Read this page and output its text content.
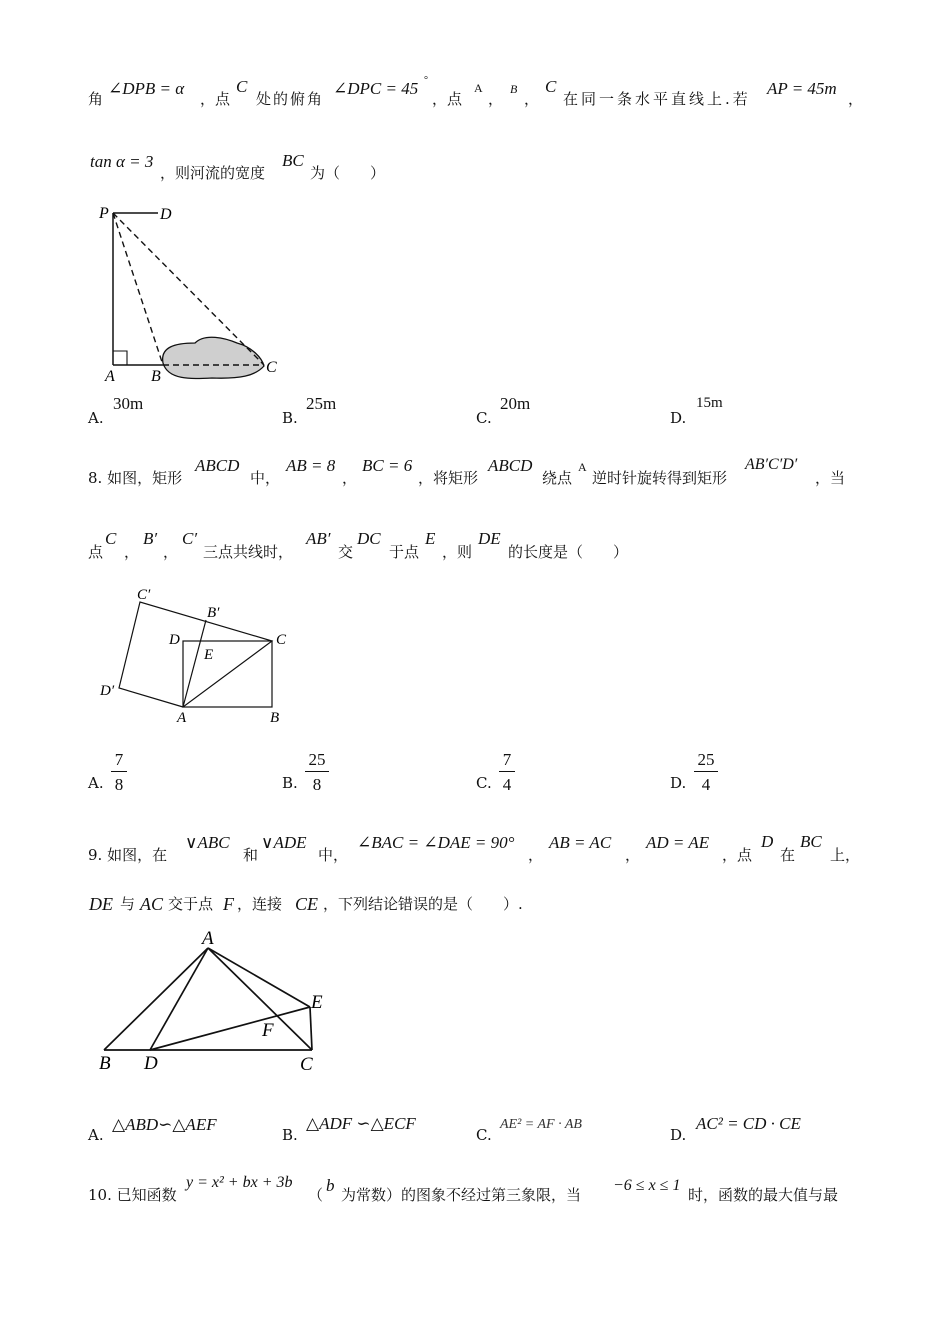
角
∠DPB = α
，点
C
处的俯角
∠DPC = 45 °
，点
A
，
B
，
C
在同一条水平直线上.若
AP = 45m
，
tan α = 3
，则河流的宽度
BC
为（　　）
P	D
A B
C
A.
30m
B.
25m
C.
20m
D.
15m
8. 如图，矩形
ABCD
中，
AB = 8
，
BC = 6
，将矩形
ABCD
绕点
A
逆时针旋转得到矩形
AB′C′D′
，当
点
C
，
B′
，
C′
三点共线时，
AB′
交
DC
于点
E
，则
DE
的长度是（　　）
C′
B′
D	C
E
D′
A	B
A. $\frac{7}{8}$	B. $\frac{25}{8}$	C. $\frac{7}{4}$	D. $\frac{25}{4}$
9. 如图，在
∨ABC
和
∨ADE
中，
∠BAC = ∠DAE = 90°
，
AB = AC
，
AD = AE
，点
D
在
BC
上，
DE 与 AC 交于点 F ，连接 CE ，下列结论错误的是（　　）.
A
E
F
B D	C
A.
△ABD∽△AEF
B.
△ADF ∽△ECF
C.
AE² = AF · AB
D.
AC² = CD · CE
10. 已知函数
y = x² + bx + 3b
（ b 为常数）的图象不经过第三象限，当
−6 ≤ x ≤ 1
时，函数的最大值与最
